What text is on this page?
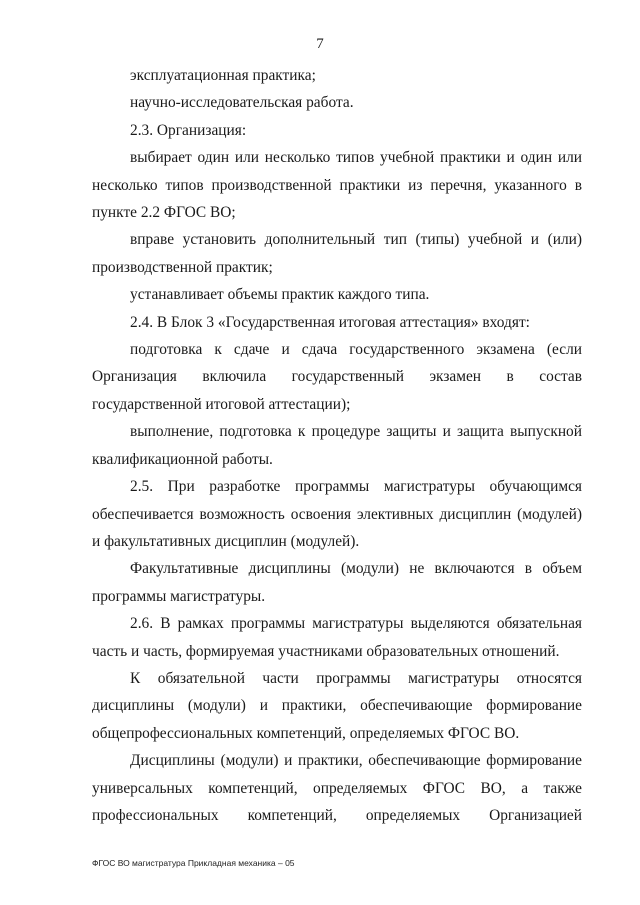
7

эксплуатационная практика;

научно-исследовательская работа.

2.3. Организация:

выбирает один или несколько типов учебной практики и один или несколько типов производственной практики из перечня, указанного в пункте 2.2 ФГОС ВО;

вправе установить дополнительный тип (типы) учебной и (или) производственной практик;

устанавливает объемы практик каждого типа.

2.4. В Блок 3 «Государственная итоговая аттестация» входят:

подготовка к сдаче и сдача государственного экзамена (если Организация включила государственный экзамен в состав государственной итоговой аттестации);

выполнение, подготовка к процедуре защиты и защита выпускной квалификационной работы.

2.5. При разработке программы магистратуры обучающимся обеспечивается возможность освоения элективных дисциплин (модулей) и факультативных дисциплин (модулей).

Факультативные дисциплины (модули) не включаются в объем программы магистратуры.

2.6. В рамках программы магистратуры выделяются обязательная часть и часть, формируемая участниками образовательных отношений.

К обязательной части программы магистратуры относятся дисциплины (модули) и практики, обеспечивающие формирование общепрофессиональных компетенций, определяемых ФГОС ВО.

Дисциплины (модули) и практики, обеспечивающие формирование универсальных компетенций, определяемых ФГОС ВО, а также профессиональных компетенций, определяемых Организацией

ФГОС ВО магистратура Прикладная механика – 05
